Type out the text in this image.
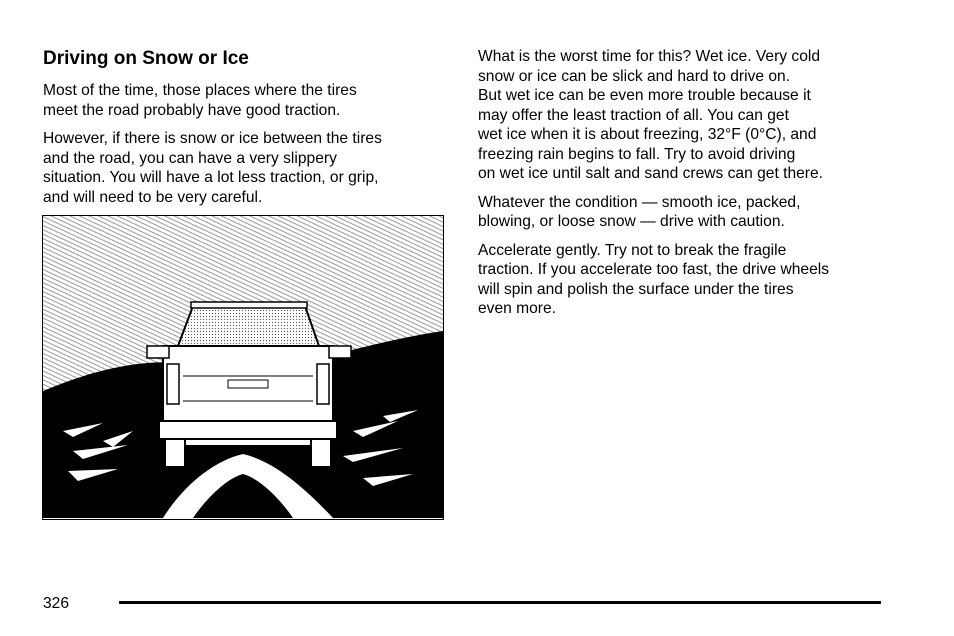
Driving on Snow or Ice

Most of the time, those places where the tires
meet the road probably have good traction.

However, if there is snow or ice between the tires
and the road, you can have a very slippery
situation. You will have a lot less traction, or grip,
and will need to be very careful.

What is the worst time for this? Wet ice. Very cold
snow or ice can be slick and hard to drive on.
But wet ice can be even more trouble because it
may offer the least traction of all. You can get
wet ice when it is about freezing, 32°F (0°C), and
freezing rain begins to fall. Try to avoid driving
on wet ice until salt and sand crews can get there.

Whatever the condition — smooth ice, packed,
blowing, or loose snow — drive with caution.

Accelerate gently. Try not to break the fragile
traction. If you accelerate too fast, the drive wheels
will spin and polish the surface under the tires
even more.

326
